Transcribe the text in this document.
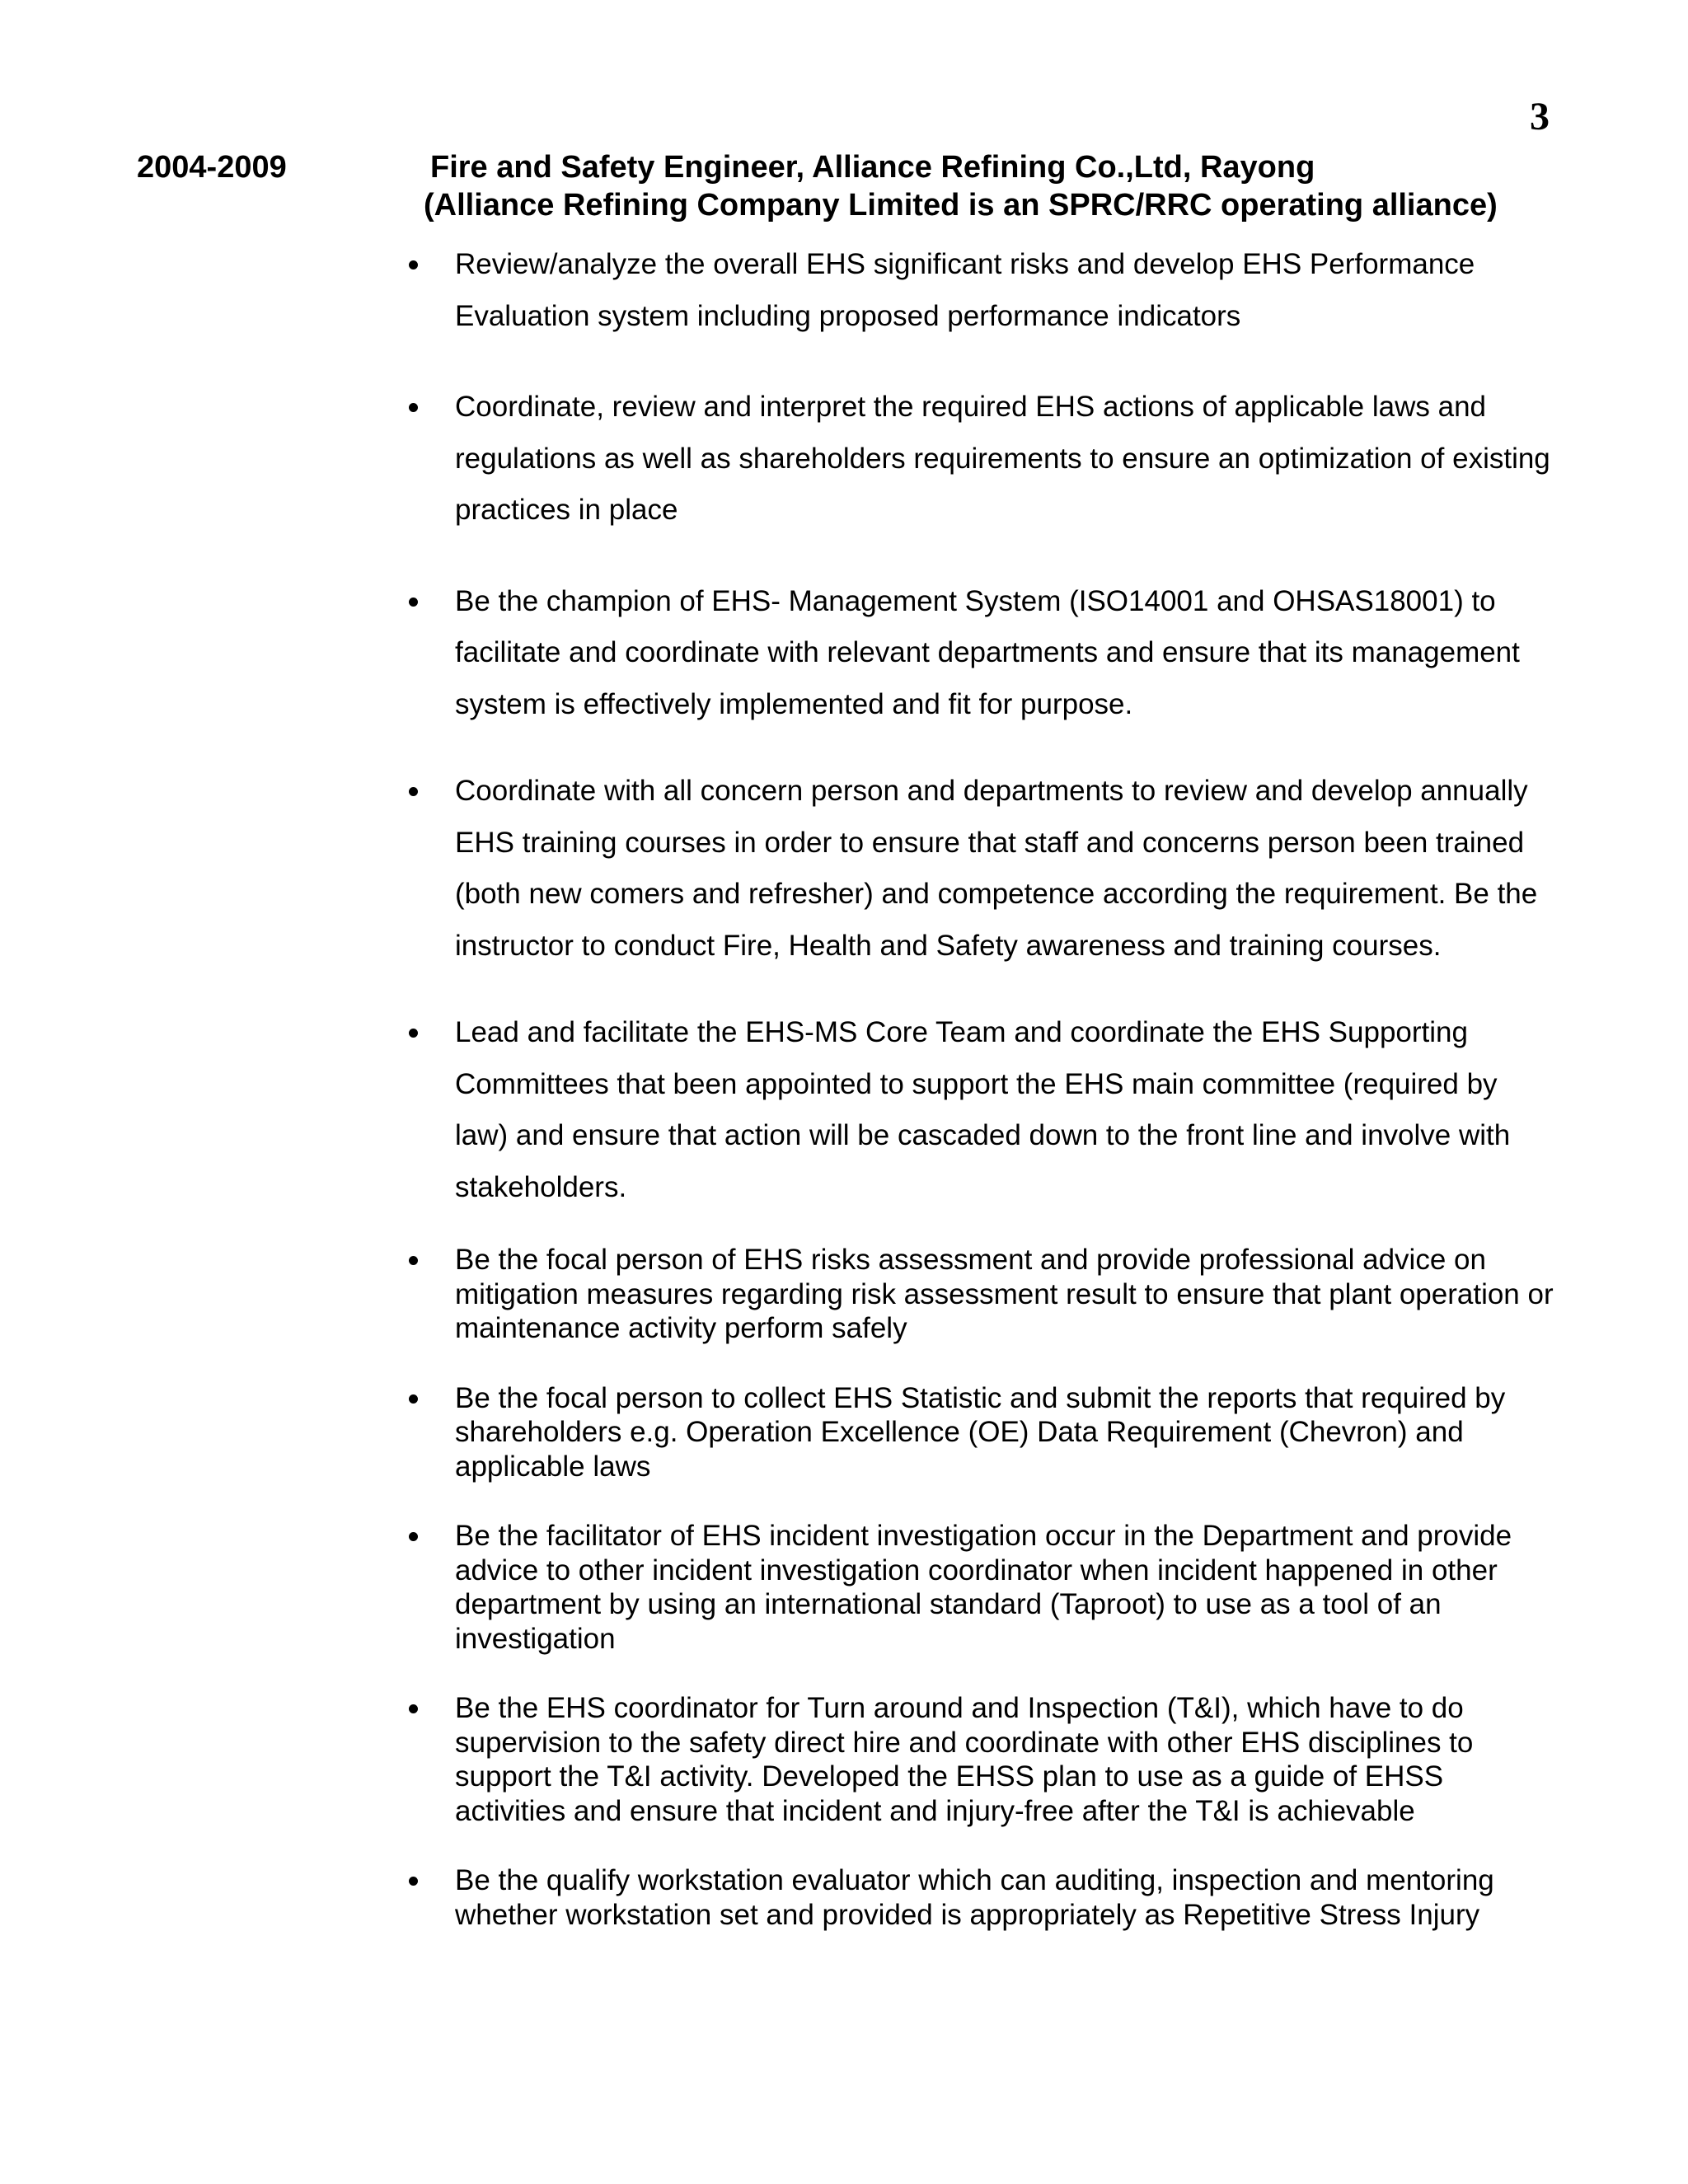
3
2004-2009	Fire and Safety Engineer, Alliance Refining Co.,Ltd, Rayong
(Alliance Refining Company Limited is an SPRC/RRC operating alliance)
Review/analyze the overall EHS significant risks and develop EHS Performance Evaluation system including proposed performance indicators
Coordinate, review and interpret the required EHS actions of applicable laws and regulations as well as shareholders requirements to ensure an optimization of existing practices in place
Be the champion of EHS- Management System (ISO14001 and OHSAS18001) to facilitate and coordinate with relevant departments and ensure that its management system is effectively implemented and fit for purpose.
Coordinate with all concern person and departments to review and develop annually EHS training courses in order to ensure that staff and concerns person been trained (both new comers and refresher) and competence according the requirement. Be the instructor to conduct Fire, Health and Safety awareness and training courses.
Lead and facilitate the EHS-MS Core Team and coordinate the EHS Supporting Committees that been appointed to support the EHS main committee (required by law) and ensure that action will be cascaded down to the front line and involve with stakeholders.
Be the focal person of EHS risks assessment and provide professional advice on mitigation measures regarding risk assessment result to ensure that plant operation or maintenance activity perform safely
Be the focal person to collect EHS Statistic and submit the reports that required by shareholders e.g. Operation Excellence (OE) Data Requirement (Chevron) and applicable laws
Be the facilitator of EHS incident investigation occur in the Department and provide advice to other incident investigation coordinator when incident happened in other department by using an international standard (Taproot) to use as a tool of an investigation
Be the EHS coordinator for Turn around and Inspection (T&I), which have to do supervision to the safety direct hire and coordinate with other EHS disciplines to support the T&I activity. Developed the EHSS plan to use as a guide of EHSS activities and ensure that incident and injury-free after the T&I is achievable
Be the qualify workstation evaluator which can auditing, inspection and mentoring whether workstation set and provided is appropriately as Repetitive Stress Injury
